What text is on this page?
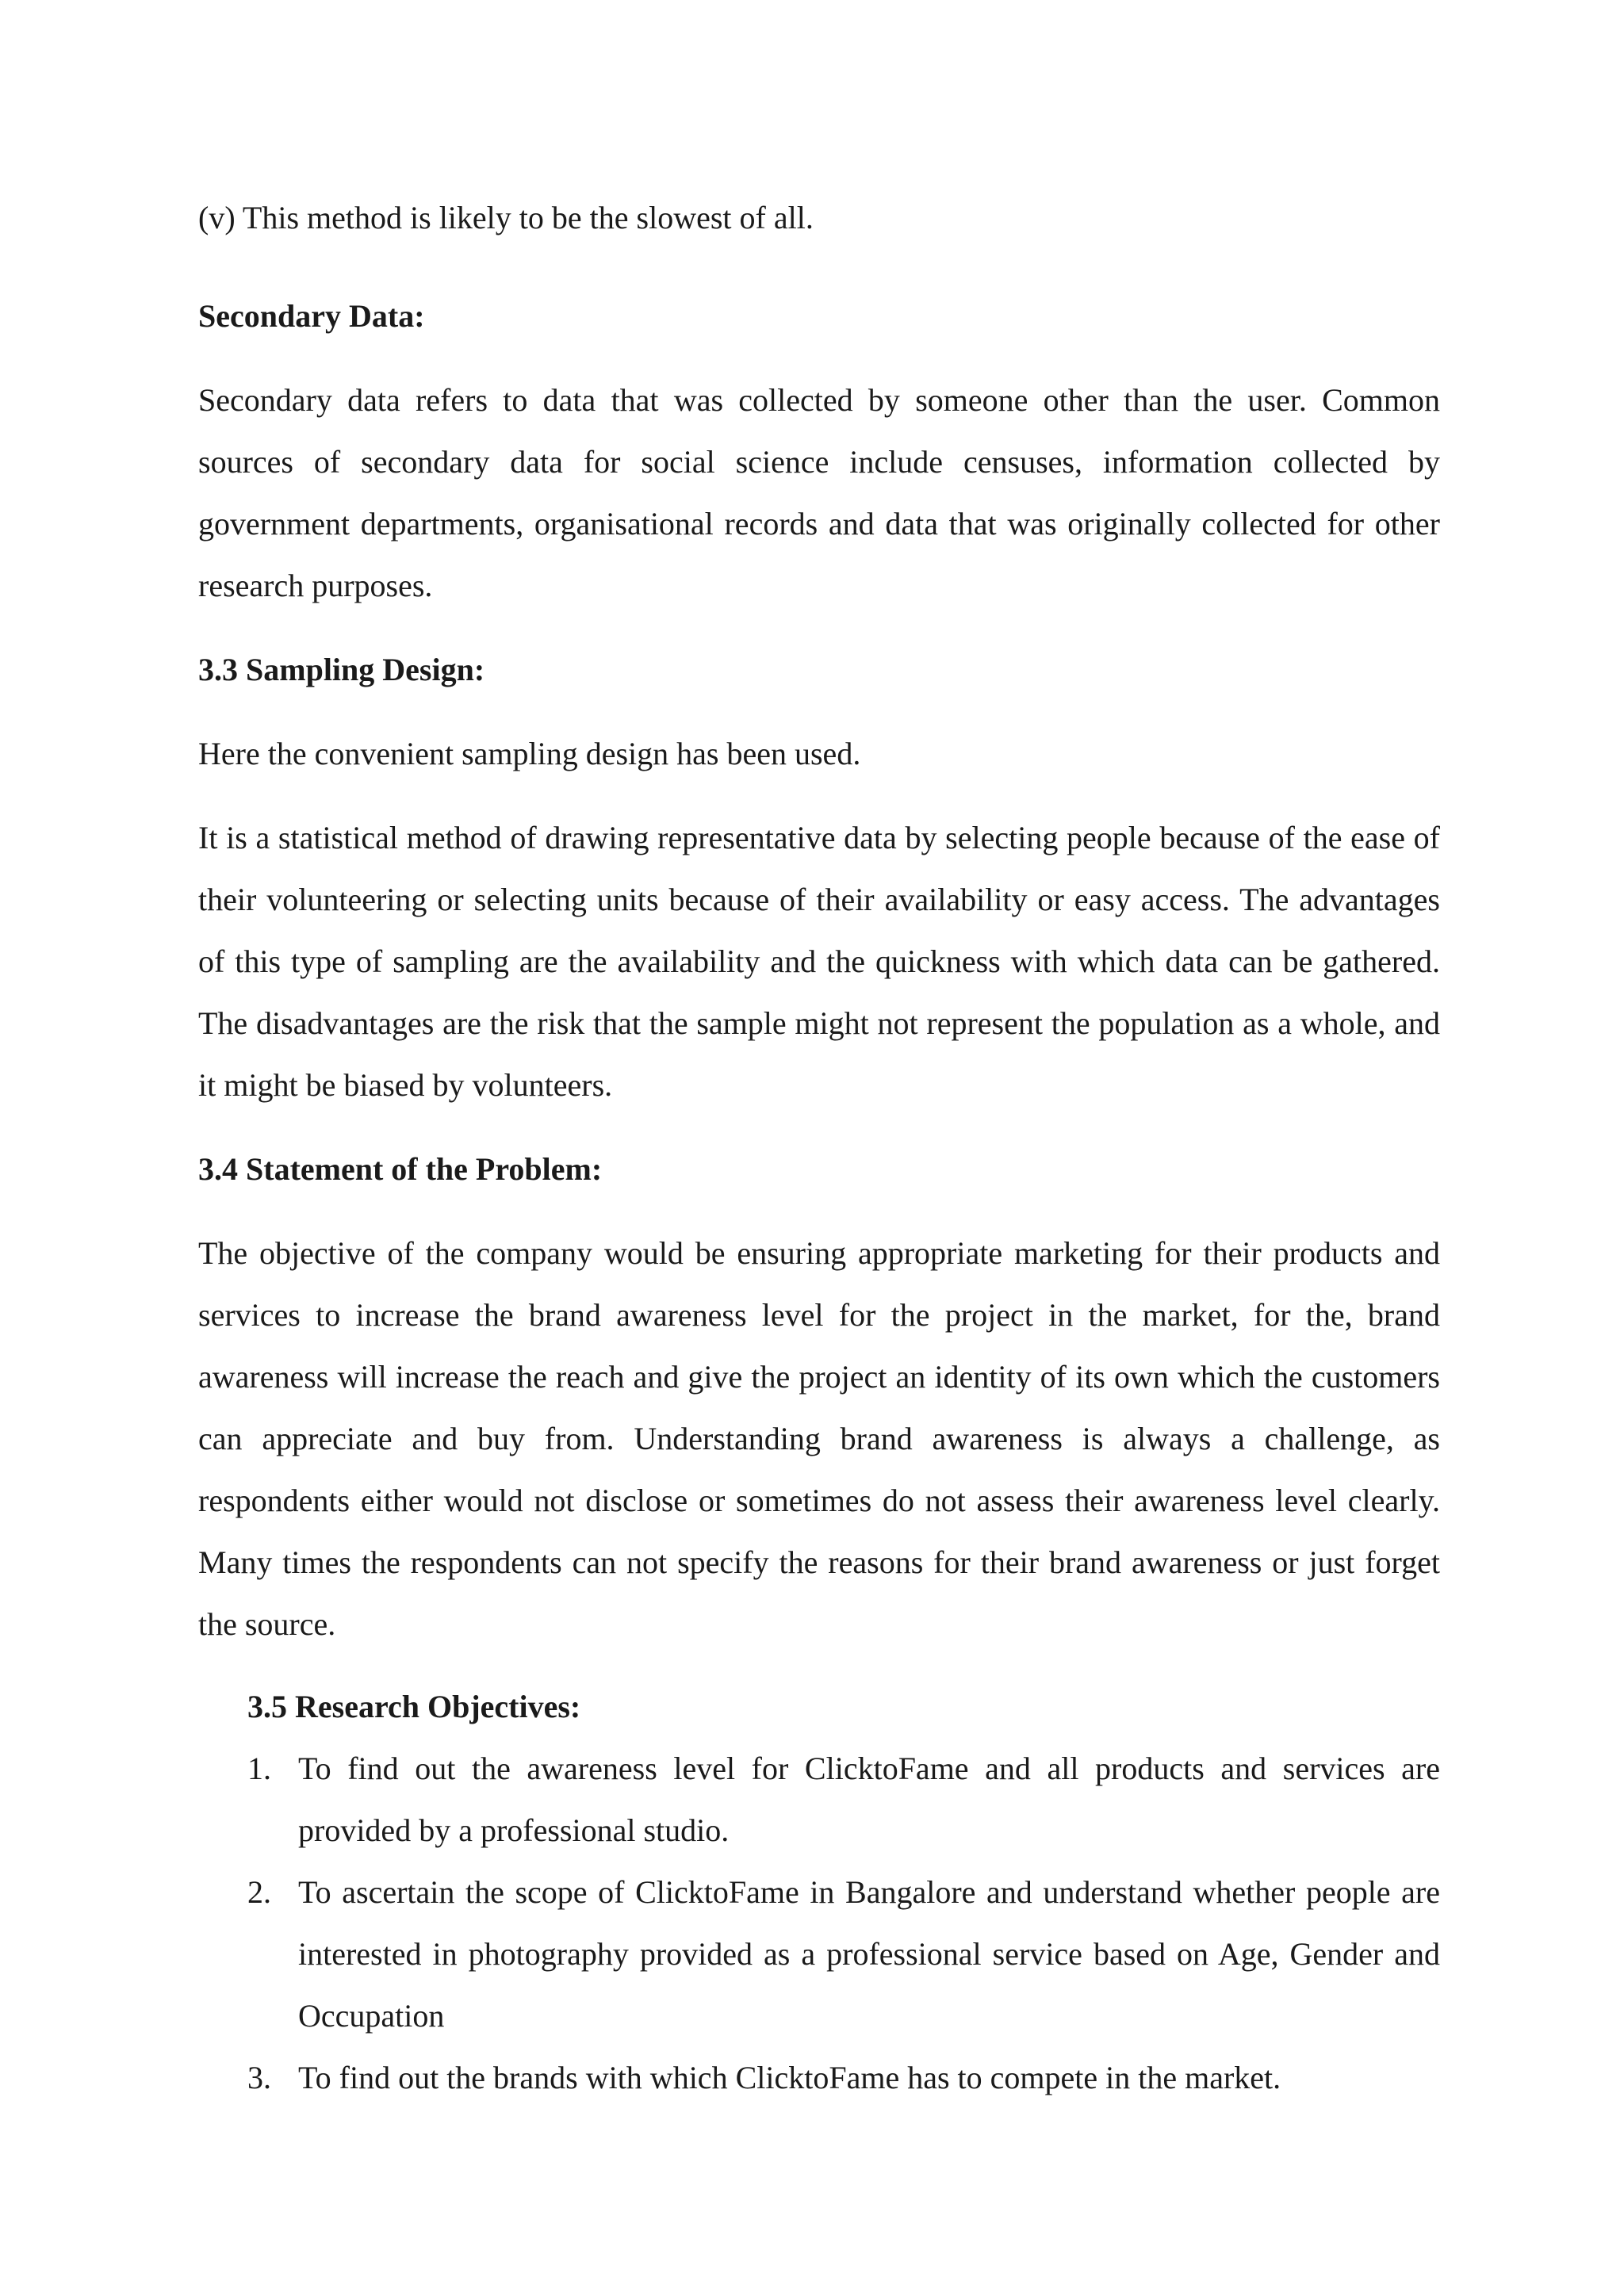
(v) This method is likely to be the slowest of all.
Secondary Data:

Secondary data refers to data that was collected by someone other than the user. Common sources of secondary data for social science include censuses, information collected by government departments, organisational records and data that was originally collected for other research purposes.

3.3 Sampling Design:

Here the convenient sampling design has been used.

It is a statistical method of drawing representative data by selecting people because of the ease of their volunteering or selecting units because of their availability or easy access. The advantages of this type of sampling are the availability and the quickness with which data can be gathered. The disadvantages are the risk that the sample might not represent the population as a whole, and it might be biased by volunteers.

3.4 Statement of the Problem:

The objective of the company would be ensuring appropriate marketing for their products and services to increase the brand awareness level for the project in the market, for the, brand awareness will increase the reach and give the project an identity of its own which the customers can appreciate and buy from. Understanding brand awareness is always a challenge, as respondents either would not disclose or sometimes do not assess their awareness level clearly. Many times the respondents can not specify the reasons for their brand awareness or just forget the source.

3.5 Research Objectives:
1. To find out the awareness level for ClicktoFame and all products and services are provided by a professional studio.
2. To ascertain the scope of ClicktoFame in Bangalore and understand whether people are interested in photography provided as a professional service based on Age, Gender and Occupation
3. To find out the brands with which ClicktoFame has to compete in the market.
